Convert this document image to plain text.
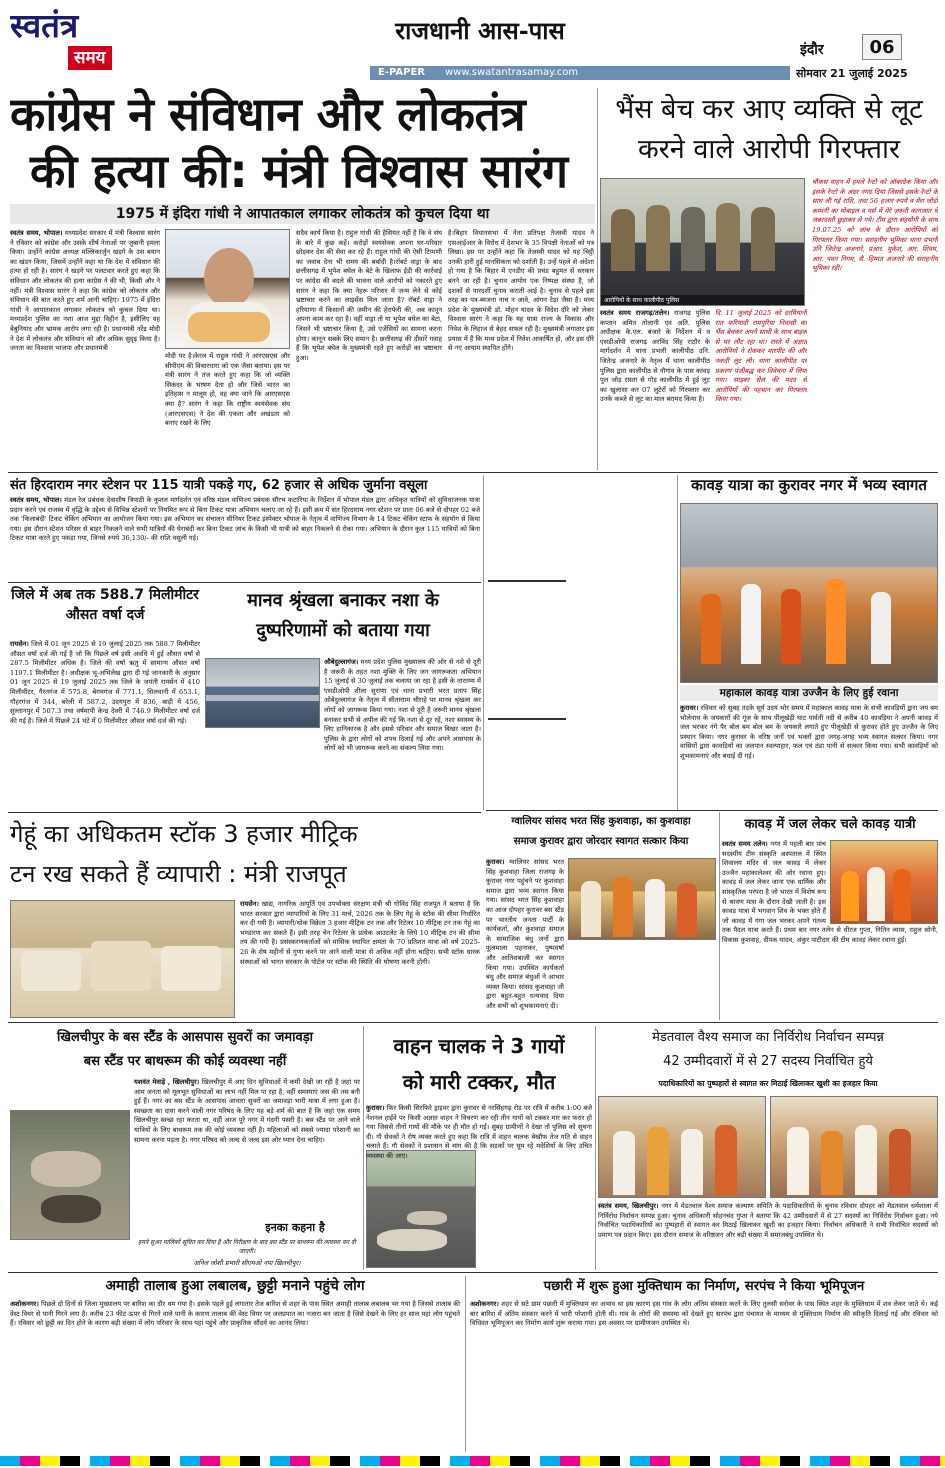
स्वतंत्र
समय
राजधानी आस-पास
इंदौर	06
E-PAPER www.swatantrasamay.com	सोमवार 21 जुलाई 2025
कांग्रेस ने संविधान और लोकतंत्र
की हत्या की: मंत्री विश्वास सारंग
1975 में इंदिरा गांधी ने आपातकाल लगाकर लोकतंत्र को कुचल दिया था
स्वतंत्र समय, भोपाल। मध्यप्रदेश सरकार में मंत्री विश्वास सारंग ने रविवार को कांग्रेस और उसके शीर्ष नेताओं पर जुबानी हमला किया। उन्होंने कांग्रेस अध्यक्ष मल्लिकार्जुन खड़गे के उस बयान का खंडन किया, जिसमें उन्होंने कहा था कि देश में संविधान की हत्या हो रही है। सारंग ने खड़गे पर पलटवार करते हुए कहा कि संविधान और लोकतंत्र की हत्या कांग्रेस ने की थी, किसी और ने नहीं। मंत्री विश्वास सारंग ने कहा कि कांग्रेस को लोकतंत्र और संविधान की बात करते हुए शर्म आनी चाहिए। 1975 में इंदिरा गांधी ने आपातकाल लगाकर लोकतंत्र को कुचल दिया था। मध्यप्रदेश पुलिस का नशा आज मुद्दा विहीन है, इसीलिए वह बेबुनियाद और भ्रामक आरोप लगा रही है। प्रधानमंत्री नरेंद्र मोदी ने देश में लोकतंत्र और संविधान को और अधिक सुदृढ़ किया है। जनता का विश्वास भाजपा और प्रधानमंत्री
मोदी पर है।केरल में राहुल गांधी ने आरएसएस और सीपीएम की विचारधारा को एक जैसा बताया। इस पर मंत्री सारंग ने तंज करते हुए कहा कि जो व्यक्ति सिकंदर के भाषण देता हो और जिसे भारत का इतिहास न मालूम हो, वह क्या जाने कि आरएसएस क्या है? सारंग ने कहा कि राष्ट्रीय स्वयंसेवक संघ (आरएसएस) ने देश की एकता और अखंडता को बनाए रखने के लिए
सदैव कार्य किया है। राहुल गांधी की हैसियत नहीं है कि वे संघ के बारे में कुछ कहें। करोड़ों स्वयंसेवक अपना घर-परिवार छोड़कर देश की सेवा कर रहे हैं। राहुल गांधी की ऐसी टिप्पणी का जवाब देना भी समय की बर्बादी है।रॉबर्ट वाड्रा के बाद छत्तीसगढ़ में भूपेश बघेल के बेटे के खिलाफ ईडी की कार्रवाई पर कांग्रेस की बदले की भावना वाले आरोपों को नकारते हुए सारंग ने कहा कि क्या नेहरू परिवार में जन्म लेने से कोई भ्रष्टाचार करने का लाइसेंस मिल जाता है? रॉबर्ट वाड्रा ने हरियाणा में किसानों की जमीन की हेराफेरी की, अब कानून अपना काम कर रहा है। वहीं वाड्रा तो या भूपेश बघेल का बेटा, जिसने भी भ्रष्टाचार किया है, उसे एजेंसियों का सामना करना होगा। कानून सबके लिए समान है। छत्तीसगढ़ की दीवारें गवाह हैं कि भूपेश बघेल के मुख्यमंत्री रहते हुए करोड़ों का भ्रष्टाचार हुआ।
है।बिहार विधानसभा में नेता प्रतिपक्ष तेजस्वी यादव ने एसआईआर के विरोध में देशभर के 35 विपक्षी नेताओं को पत्र लिखा। इस पर उन्होंने कहा कि तेजस्वी यादव को यह चिट्ठी उनकी हारी हुई मानसिकता को दर्शाती है। उन्हें पहले से अंदेशा हो गया है कि बिहार में एनडीए की प्रचंड बहुमत से सरकार बनने जा रही है। चुनाव आयोग एक निष्पक्ष संस्था है, जो दशकों से पारदर्शी चुनाव कराती आई है। चुनाव से पहले इस तरह का पत्र-ब्यजना नाच न आवे, आंगन टेढ़ा जैसा है। मध्य प्रदेश के मुख्यमंत्री डॉ. मोहन यादव के विदेश दौरे को लेकर विश्वास सारंग ने कहा कि यह यात्रा राज्य के विकास और निवेश के लिहाज से बेहद सफल रही है। मुख्यमंत्री लगातार इस प्रयास में हैं कि मध्य प्रदेश में निवेश आकर्षित हो, और इस दौरे से नए आयाम स्थापित होंगे।
भैंस बेच कर आए व्यक्ति से लूट
करने वाले आरोपी गिरफ्तार
आरोपियों के साथ कालीपीठ पुलिस
स्वतंत्र समय राजगढ़/तलेन। राजगढ़ पुलिस कप्तान अमित तोलानी एवं अति. पुलिस अधीक्षक के.एल. बंजारे के निर्देशन में व एसडीओपी राजगढ़ अरविंद सिंह राठौर के मार्गदर्शन में थाना प्रभारी कालीपीठ उनि. जितेन्द्र अजनारे के नेतृत्व में थाना कालीपीठ पुलिस द्वारा कालीपीठ से नौगांव के पास कांवड़ पुल जोड़ रास्ता से गोड़ कालीपीठ में हुई लूट का खुलासा कर 07 लुटेरों को गिरफ्तार कर उनके कब्जे से लूट का माल बरामद किया है।
दि. 11 जुलाई 2025 को दरमियानी रात फरियादी रामपुरिया निवासी का भैंस बेचकर अपने साथी के साथ बाइक से घर लौट रहा था। रास्ते में अज्ञात आरोपियों ने रोककर मारपीट की और नकदी लूट ली। थाना कालीपीठ पर प्रकरण पंजीबद्ध कर विवेचना में लिया गया। साइबर सेल की मदद से आरोपियों की पहचान कर गिरफ्तार किया गया।
चौकस वाहन में हमले रेन्टो को ऑबरदेक किया और इसके रेन्टो के अंदर नगद दिया जिससे इसके रेन्टो के साथ ली गई राशि, तथा 56 हजार रुपये व मेरा जोर्डो कम्पनी का मोबाइल व पर्स में मेरे ज़रूरी कागजात थे जबरदस्ती छुड़ाकर ले गये। टीम द्वारा सहयोगी के साथ 19.07.25 को जांच के दौरान आरोपियों को गिरफ्तार किया गया। सराहनीय भूमिका थाना प्रभारी उनि जितेन्द्र अजनारे, प्रआर. मुकेश, आर. शिवम, आर. पवन निगम, सै. हिम्मत अजनारे की सराहनीय भूमिका रही।
संत हिरदाराम नगर स्टेशन पर 115 यात्री पकड़े गए, 62 हजार से अधिक जुर्माना वसूला
स्वतंत्र समय, भोपाल। मंडल रेल प्रबंधक देवाशीष त्रिपाठी के कुशल मार्गदर्शन एवं वरिष्ठ मंडल वाणिज्य प्रबंधक सौरभ कटारिया के निर्देशन में भोपाल मंडल द्वारा अधिकृत यात्रियों को सुविधाजनक यात्रा प्रदान करने एवं राजस्व में वृद्धि के उद्देश्य से विभिन्न स्टेशनों पर नियमित रूप से बिना टिकट यात्रा अभियान चलाए जा रहे हैं। इसी क्रम में संत हिरदाराम नगर स्टेशन पर प्रातः 06 बजे से दोपहर 02 बजे तक 'किलाबंदी' टिकट चेकिंग अभियान का आयोजन किया गया। इस अभियान का संचालन सीनियर टिकट इंस्पेक्टर भोपाल के नेतृत्व में वाणिज्य विभाग के 14 टिकट चेकिंग स्टाफ के सहयोग से किया गया। इस दौरान स्टेशन परिसर से बाहर निकलने वाले सभी यात्रियों की घेराबंदी कर बिना टिकट जांच के किसी भी यात्री को बाहर निकलने से रोका गया। अभियान के दौरान कुल 115 यात्रियों को बिना टिकट यात्रा करते हुए पकड़ा गया, जिनसे रुपये 36,130/- की राशि वसूली गई।
कावड़ यात्रा का कुरावर नगर में भव्य स्वागत
महाकाल कावड़ यात्रा उज्जैन के लिए हुई रवाना
कुरावर। रविवार को सुबह तड़के सूर्य उदय भोर समय में महाकाल कावड़ यात्रा के सभी कावड़ियों द्वारा जय बम भोलेनाथ के जयकारों की गूंज के साथ पीलूखेड़ी घाट पार्वती नदी से करीब 40 कावड़िया ने अपनी कावड़ में जल भरकर नंगे पैर बोल बम बोल बम के जयकारे लगाते हुए पीलूखेड़ी से कुरावर होते हुए उज्जैन के लिए प्रस्थान किया। नगर कुरावर के वरिष्ठ जनों एवं भक्तों द्वारा जगह-जगह भव्य स्वागत सत्कार किया। नगर वासियों द्वारा कावड़ियों का जलपान स्वल्पाहार, फल एवं ठंडा पानी से सत्कार किया गया। सभी कावड़ियों को शुभकामनाएं और बधाई दी गई।
जिले में अब तक 588.7 मिलीमीटर औसत वर्षा दर्ज
रायसेन। जिले में 01 जून 2025 से 19 जुलाई 2025 तक 588.7 मिलीमीटर औसत वर्षा दर्ज की गई है जो कि पिछले वर्ष इसी अवधि में हुई औसत वर्षा से 287.5 मिलीमीटर अधिक है। जिले की वर्षा ऋतु में सामान्य औसत वर्षा 1197.1 मिलीमीटर है। अधीक्षक भू-अभिलेख द्वारा दी गई जानकारी के अनुसार 01 जून 2025 से 19 जुलाई 2025 तक जिले के जयंती रायसेन में 410 मिलीमीटर, गैरतगंज में 575.8, बेगमगंज में 771.1, सिलवानी में 653.1, गौहरगंज में 344, बरेली में 587.2, उदयपुरा में 836, बाड़ी में 456, सुल्तानपुर में 507.3 तथा वर्षमापी केन्द्र देवरी में 746.9 मिलीमीटर वर्षा दर्ज की गई है। जिले में पिछले 24 घंटे में 0 मिलीमीटर औसत वर्षा दर्ज की गई।
मानव श्रृंखला बनाकर नशा के
दुष्परिणामों को बताया गया
औबेदुल्लागंज। मध्य प्रदेश पुलिस मुख्यालय की ओर से नशे से दूरी है जरूरी के तहत नशा मुक्ति के लिए जन जागरूकता अभियान 15 जुलाई से 30 जुलाई तक चलाया जा रहा है इसी के तारतम्य में एसडीओपी शीला सुराणा एवं थाना प्रभारी भरत प्रताप सिंह ओबेदुल्लागंज के नेतृत्व में सीतारााम चौराहे पर मानव श्रृंखला कर लोगों को जागरूक किया गया। नशा से दूरी है जरूरी मानव श्रृंखला बनाकर सभी से अपील की गई कि नशा से दूर रहें, नशा स्वास्थ्य के लिए हानिकारक है और इससे परिवार और समाज बिखर जाता है। पुलिस के द्वारा लोगों को शपथ दिलाई गई और अपने आसपास के लोगों को भी जागरूक करने का संकल्प लिया गया।
गेहूं का अधिकतम स्टॉक 3 हजार मीट्रिक
टन रख सकते हैं व्यापारी : मंत्री राजपूत
रायसेन। खाद्य, नागरिक आपूर्ति एवं उपभोक्ता संरक्षण मंत्री श्री गोविंद सिंह राजपूत ने बताया है कि भारत सरकार द्वारा व्यापारियों के लिए 31 मार्च, 2026 तक के लिए गेहूं के स्टॉक की सीमा निर्धारित कर दी गयी है। व्यापारी/थोक विक्रेता 3 हजार मीट्रिक टन तक और रिटेलर 10 मीट्रिक टन तक गेहूं का भण्डारण कर सकते हैं। इसी तरह चेन रिटेलर के प्रत्येक आउटलेट के लिये 10 मीट्रिक टन की सीमा तय की गयी है। प्रसंस्करणकर्ताओं को मासिक स्थापित क्षमता के 70 प्रतिशत मात्रा को वर्ष 2025-26 के शेष महीनों से गुणा करने पर आने वाली मात्रा से अधिक नहीं होना चाहिए। सभी स्टॉक धारक संस्थाओं को भारत सरकार के पोर्टल पर स्टॉक की स्थिति की घोषणा करनी होगी।
ग्वालियर सांसद भरत सिंह कुशवाहा, का कुशवाहा
समाज कुरावर द्वारा जोरदार स्वागत सत्कार किया
कुरावर। ग्वालियर सांसद भरत सिंह कुशवाहा जिला राजगढ़ के कुरावर नगर पहुंचने पर कुशवाहा समाज द्वारा भव्य स्वागत किया गया। सांसद भरत सिंह कुशवाहा का आज दोपहर कुरावर बस स्टैंड पर भारतीय जनता पार्टी के कार्यकर्ता, और कुशवाहा समाज के सामाजिक बंधु जनों द्वारा फूलमाला पहनाकर, पुष्पवर्षा और आतिशबाजी कर स्वागत किया गया। उपस्थित कार्यकर्ता बंधु और समाज बंधुओं ने आभार व्यक्त किया। सांसद कुशवाहा जी द्वारा बहुत-बहुत धन्यवाद दिया और सभी को शुभकामनाएं दी।
कावड़ में जल लेकर चले कावड़ यात्री
स्वतंत्र समय तलेन। नगर में पहली बार पांच सदस्यीय टीम संस्कृति अस्पताल में स्थित शिवालय मंदिर से जल कावड़ में लेकर उज्जैन महाकालेश्वर की ओर रवाना हुए। कावड़ में जल लेकर जाना एक धार्मिक और सांस्कृतिक परंपरा है जो भारत में विशेष रूप से श्रावण मास के दौरान देखी जाती है। इस कावड़ यात्रा में भगवान शिव के भक्त होते हैं जो कावड़ में गंगा जल भरकर अपने गंतव्य तक पैदल यात्रा करते हैं। प्रथम बार नगर तलेन से धीरज गुप्ता, नितिन व्यास, राहुल सोनी, विकास कुशवाह, दीपक यादव, अंकुर पाटीदार की टीम कावड़ लेकर रवाना हुई।
खिलचीपुर के बस स्टैंड के आसपास सुवरों का जमावड़ा
बस स्टैंड पर बाथरूम की कोई व्यवस्था नहीं
यशवंत मेवाड़े , खिलचीपुर। खिलचीपुर में आए दिन सुविधाओं में कमी देखी जा रही है जहां पर आम जनता को मूलभूत सुविधाओं का लाभ नहीं मिल पा रहा है, वहीं समस्याएं जस की तस बनी हुई हैं। नगर का बस स्टैंड के आसपास आवारा सुवरों का जमावड़ा भारी मात्रा में लगा हुआ है। स्वच्छता का दावा करने वाली नगर परिषद के लिए यह बड़े शर्म की बात है कि जहां एक समय खिलचीपुर स्वच्छ रहा करता था, वहीं आज पूरे नगर में गंदगी पसरी है। बस स्टैंड पर आने वाले यात्रियों के लिए बाथरूम तक की कोई व्यवस्था नहीं है। महिलाओं को सबसे ज्यादा परेशानी का सामना करना पड़ता है। नगर परिषद को जल्द से जल्द इस ओर ध्यान देना चाहिए।
इनका कहना है
हमने सुअर मालिकों सूचित कर दिया है और निरीक्षण के बाद बस स्टैंड पर बाथरूम की व्यवस्था कर दी जाएगी।
अनिल जोशी प्रभारी सीएमओ नपा खिलचीपुर।
वाहन चालक ने 3 गायों
को मारी टक्कर, मौत
कुरावर। फिर किसी सिरफिरे ड्राइवर द्वारा कुरावर से नरसिंहगढ़ रोड पर रात्रि में करीब 1:00 बजे नेशनल हाईवे पर किसी अज्ञात वाहन ने विचरण कर रही तीन गायों को टक्कर मार कर फरार हो गया जिससे तीनों गायों की मौके पर ही मौत हो गई। सुबह ग्रामीणों ने देखा तो पुलिस को सूचना दी। गौ सेवकों ने रोष व्यक्त करते हुए कहा कि रात्रि में वाहन चालक बेखौफ तेज गति से वाहन चलाते हैं। गौ सेवकों ने प्रशासन से मांग की है कि सड़कों पर घूम रहे मवेशियों के लिए उचित व्यवस्था की जाए।
मेडतवाल वैश्य समाज का निर्विरोध निर्वाचन सम्पन्न
42 उम्मीदवारों में से 27 सदस्य निर्वाचित हुये
पदाधिकारियों का पुष्पहारों से स्वागत कर मिठाई खिलाकर खुशी का इजहार किया
स्वतंत्र समय, खिलचीपुर। नगर में मेडतवाल वैश्य समाज कल्याण समिति के पदाधिकारियों के चुनाव रविवार दोपहर को मेडतवाल धर्मशाला में निर्विरोध निर्वाचन सम्पन्न हुआ। चुनाव अधिकारी सोहनचंद गुप्ता ने बताया कि 42 उम्मीदवारों में से 27 सदस्यों का निर्विरोध निर्वाचन हुआ। नये निर्वाचित पदाधिकारियों का पुष्पहारों से स्वागत कर मिठाई खिलाकर खुशी का इजहार किया। निर्वाचन अधिकारी ने सभी निर्वाचित सदस्यों को प्रमाण पत्र प्रदान किए। इस दौरान समाज के वरिष्ठजन और बड़ी संख्या में समाजबंधु उपस्थित थे।
अमाही तालाब हुआ लबालब, छुट्टी मनाने पहुंचे लोग
अशोकनगर। पिछले दो दिनों से जिला मुख्यालय पर बारिश का दौर थम गया है। इसके पहले हुई लगातार तेज बारिश से शहर के पास स्थित अमाही तालाब लबालब भर गया है जिससे तालाब की वेस्ट वियर से पानी गिरने लगा है। करीब 23 फीट ऊपर से गिरने वाले पानी के कारण तालाब की वेस्ट वियर पर जलप्रपात का नजारा बन जाता है जिसे देखने के लिए हर साल यहां लोग पहुंचते हैं। रविवार को छुट्टी का दिन होने के कारण बड़ी संख्या में लोग परिवार के साथ यहां पहुंचे और प्राकृतिक सौंदर्य का आनंद लिया।
पछारी में शुरू हुआ मुक्तिधाम का निर्माण, सरपंच ने किया भूमिपूजन
अशोकनगर। शहर से सटे ग्राम पछारी में मुक्तिधाम का अभाव था इस कारण इस गांव के लोग अंतिम संस्कार करने के लिए तुलसी सरोवर के पास स्थित शहर के मुक्तिधाम में शव लेकर जाते थे। कई बार बारिश में अंतिम संस्कार करने में भारी परेशानी होती थी। गांव के लोगों की समस्या को देखते हुए सरपंच द्वारा पंचायत के माध्यम से मुक्तिधाम निर्माण की स्वीकृति दिलाई गई और रविवार को विधिवत भूमिपूजन कर निर्माण कार्य शुरू कराया गया। इस अवसर पर ग्रामीणजन उपस्थित थे।
